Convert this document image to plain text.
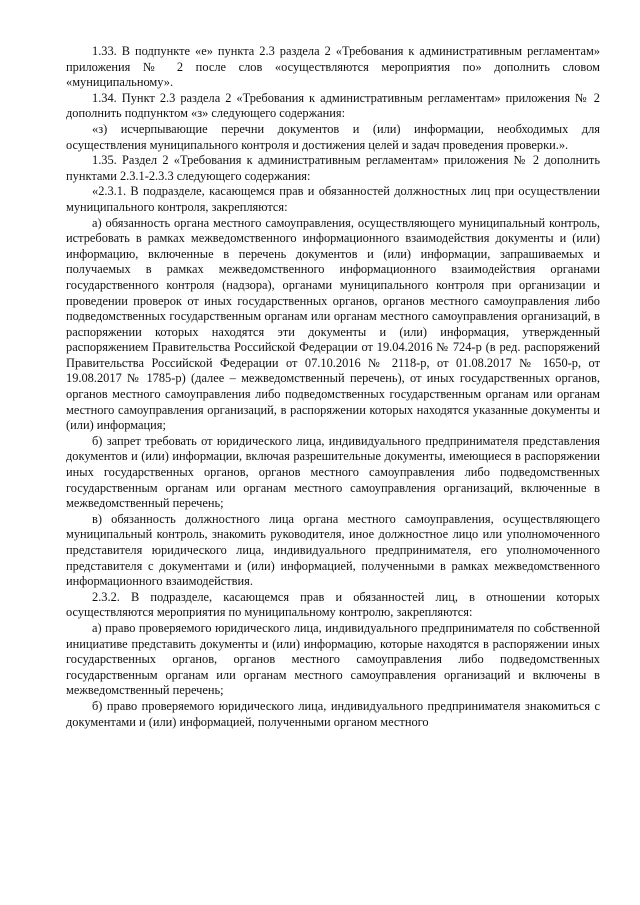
1.33. В подпункте «е» пункта 2.3 раздела 2 «Требования к административным регламентам» приложения № 2 после слов «осуществляются мероприятия по» дополнить словом «муниципальному».

1.34. Пункт 2.3 раздела 2 «Требования к административным регламентам» приложения № 2 дополнить подпунктом «з» следующего содержания:

«з) исчерпывающие перечни документов и (или) информации, необходимых для осуществления муниципального контроля и достижения целей и задач проведения проверки.».

1.35. Раздел 2 «Требования к административным регламентам» приложения № 2 дополнить пунктами 2.3.1-2.3.3 следующего содержания:

«2.3.1. В подразделе, касающемся прав и обязанностей должностных лиц при осуществлении муниципального контроля, закрепляются:

а) обязанность органа местного самоуправления, осуществляющего муниципальный контроль, истребовать в рамках межведомственного информационного взаимодействия документы и (или) информацию, включенные в перечень документов и (или) информации, запрашиваемых и получаемых в рамках межведомственного информационного взаимодействия органами государственного контроля (надзора), органами муниципального контроля при организации и проведении проверок от иных государственных органов, органов местного самоуправления либо подведомственных государственным органам или органам местного самоуправления организаций, в распоряжении которых находятся эти документы и (или) информация, утвержденный распоряжением Правительства Российской Федерации от 19.04.2016 № 724-р (в ред. распоряжений Правительства Российской Федерации от 07.10.2016 № 2118-р, от 01.08.2017 № 1650-р, от 19.08.2017 № 1785-р) (далее – межведомственный перечень), от иных государственных органов, органов местного самоуправления либо подведомственных государственным органам или органам местного самоуправления организаций, в распоряжении которых находятся указанные документы и (или) информация;

б) запрет требовать от юридического лица, индивидуального предпринимателя представления документов и (или) информации, включая разрешительные документы, имеющиеся в распоряжении иных государственных органов, органов местного самоуправления либо подведомственных государственным органам или органам местного самоуправления организаций, включенные в межведомственный перечень;

в) обязанность должностного лица органа местного самоуправления, осуществляющего муниципальный контроль, знакомить руководителя, иное должностное лицо или уполномоченного представителя юридического лица, индивидуального предпринимателя, его уполномоченного представителя с документами и (или) информацией, полученными в рамках межведомственного информационного взаимодействия.

2.3.2. В подразделе, касающемся прав и обязанностей лиц, в отношении которых осуществляются мероприятия по муниципальному контролю, закрепляются:

а) право проверяемого юридического лица, индивидуального предпринимателя по собственной инициативе представить документы и (или) информацию, которые находятся в распоряжении иных государственных органов, органов местного самоуправления либо подведомственных государственным органам или органам местного самоуправления организаций и включены в межведомственный перечень;

б) право проверяемого юридического лица, индивидуального предпринимателя знакомиться с документами и (или) информацией, полученными органом местного
